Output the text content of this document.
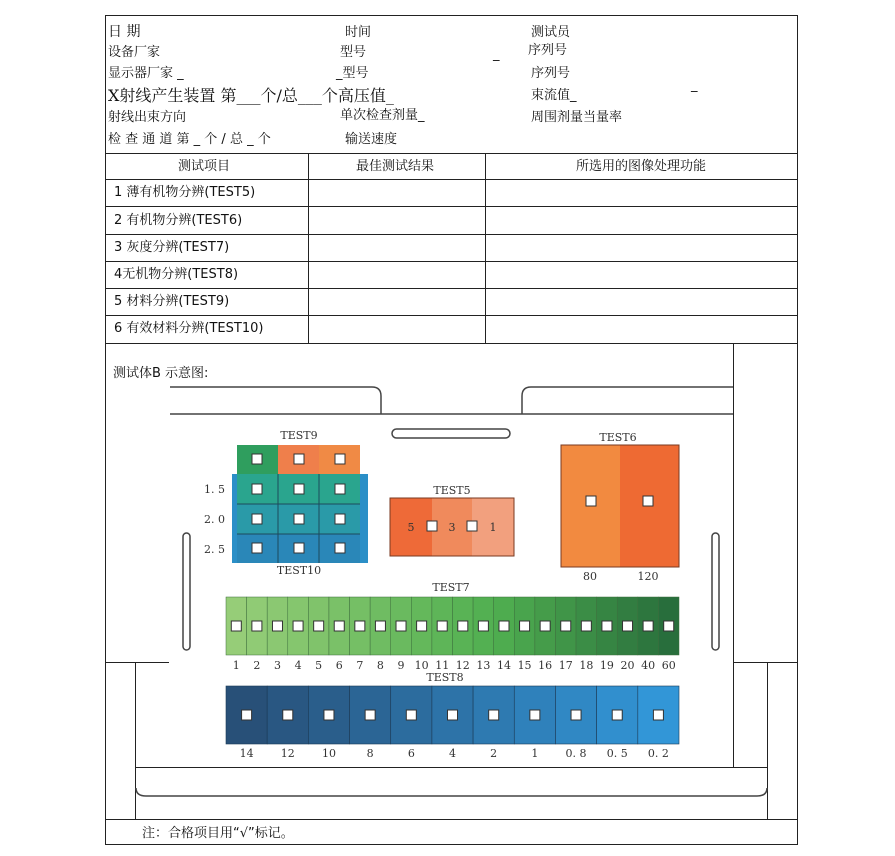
日 期	时间	测试员
设备厂家	型号	_ 序列号
显示器厂家 _	_型号	序列号
_
X射线产生装置 第___个/总___个高压值_	束流值_
射线出束方向	单次检查剂量_	周围剂量当量率
检 查 通 道 第 _ 个 / 总 _ 个	输送速度
测试项目	最佳测试结果	所选用的图像处理功能
1 薄有机物分辨(TEST5)
2 有机物分辨(TEST6)
3 灰度分辨(TEST7)
4无机物分辨(TEST8)
5 材料分辨(TEST9)
6 有效材料分辨(TEST10)
测试体B 示意图:
TEST9
1. 5
2. 0
2. 5
TEST10
TEST5
5	3	1
TEST6
80	120
TEST7
1 2 3 4 5 6 7 8 9 10 11 12 13 14 15 16 17 18 19 20 40 60
TEST8
14 12 10	8	6	4	2	1 0. 8 0. 5 0. 2
注：合格项目用“√”标记。
